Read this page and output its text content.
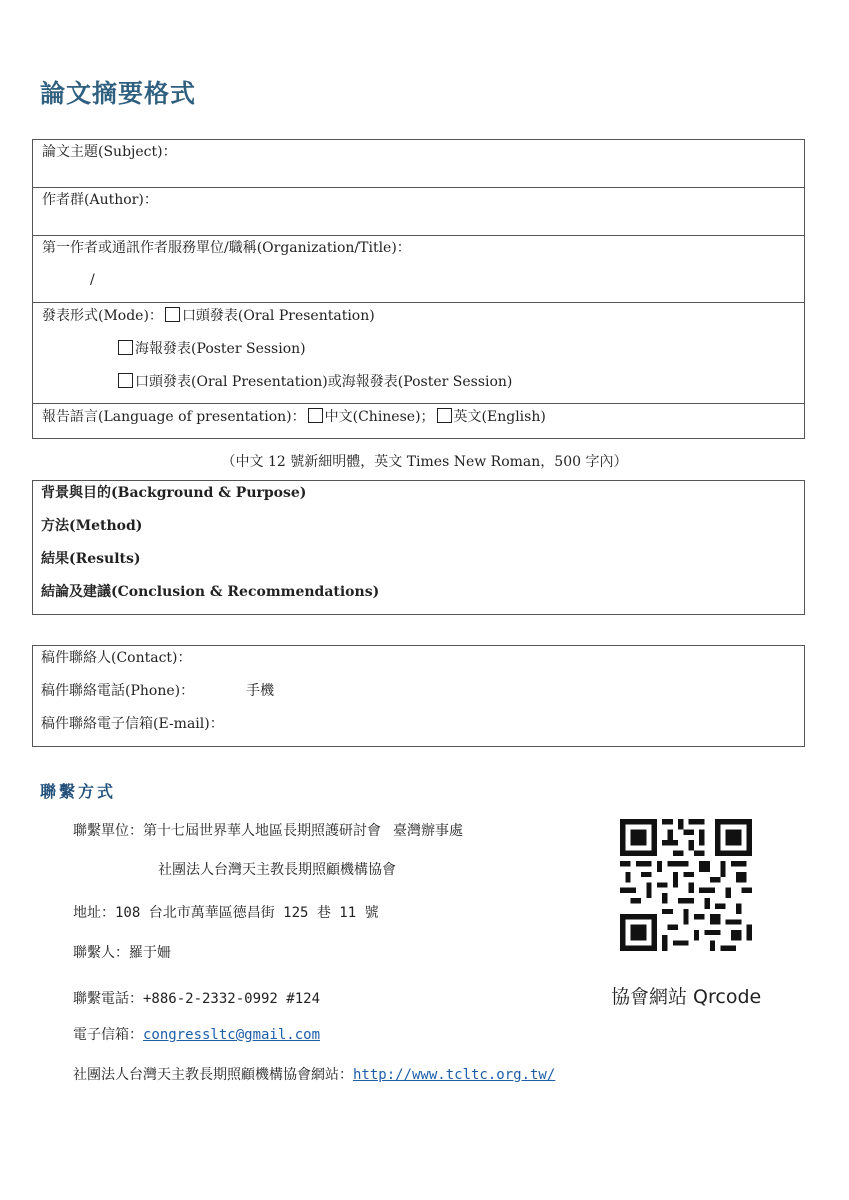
論文摘要格式
論文主題(Subject)：
作者群(Author)：
第一作者或通訊作者服務單位/職稱(Organization/Title)：
/
發表形式(Mode)： 口頭發表(Oral Presentation)
海報發表(Poster Session)
口頭發表(Oral Presentation)或海報發表(Poster Session)
報告語言(Language of presentation)： 中文(Chinese)； 英文(English)
（中文 12 號新細明體，英文 Times New Roman，500 字內）
背景與目的(Background & Purpose)
方法(Method)
結果(Results)
結論及建議(Conclusion & Recommendations)
稿件聯絡人(Contact)：
稿件聯絡電話(Phone)：	手機
稿件聯絡電子信箱(E-mail)：
聯繫方式
聯繫單位：第十七屆世界華人地區長期照護研討會 臺灣辦事處
社團法人台灣天主教長期照顧機構協會
地址：108 台北市萬華區德昌街 125 巷 11 號
聯繫人：羅于姍
聯繫電話：+886-2-2332-0992 #124
電子信箱：congressltc@gmail.com
社團法人台灣天主教長期照顧機構協會網站：http://www.tcltc.org.tw/
協會網站 Qrcode
